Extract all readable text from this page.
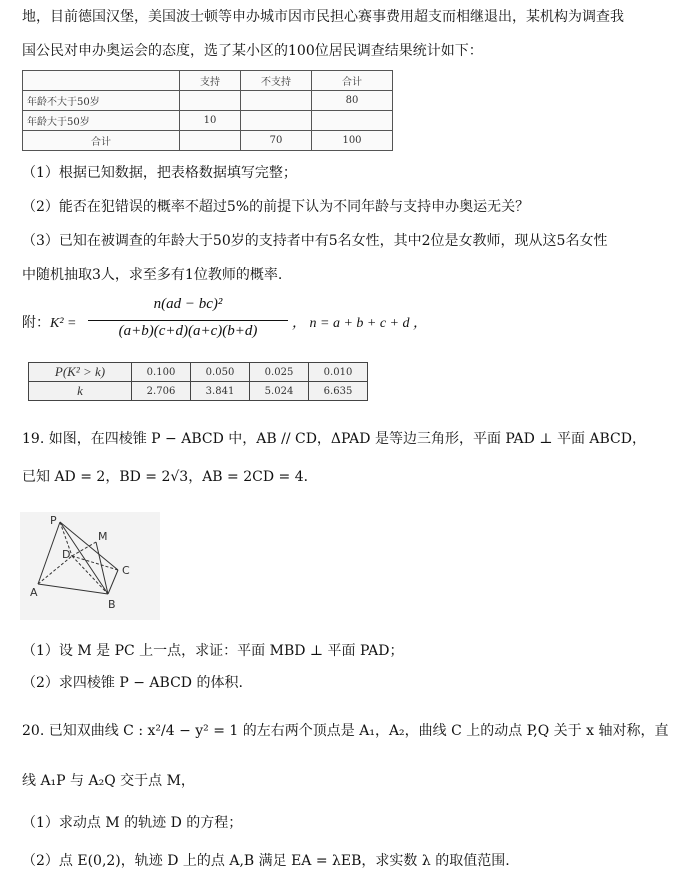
地，目前德国汉堡，美国波士顿等申办城市因市民担心赛事费用超支而相继退出，某机构为调查我
国公民对申办奥运会的态度，选了某小区的100位居民调查结果统计如下：
	支持	不支持	合计
年龄不大于50岁			80
年龄大于50岁	10		
合计		70	100
（1）根据已知数据，把表格数据填写完整；
（2）能否在犯错误的概率不超过5%的前提下认为不同年龄与支持申办奥运无关？
（3）已知在被调查的年龄大于50岁的支持者中有5名女性，其中2位是女教师，现从这5名女性
中随机抽取3人，求至多有1位教师的概率.
附：K² =
n(ad − bc)²
(a+b)(c+d)(a+c)(b+d)	， n = a + b + c + d ，
P(K² > k)	0.100	0.050	0.025	0.010
k	2.706	3.841	5.024	6.635
19. 如图，在四棱锥 P − ABCD 中，AB // CD，ΔPAD 是等边三角形，平面 PAD ⊥ 平面 ABCD，
已知 AD = 2，BD = 2√3，AB = 2CD = 4．
P
M
D
C
A
B
（1）设 M 是 PC 上一点，求证：平面 MBD ⊥ 平面 PAD；
（2）求四棱锥 P − ABCD 的体积.
20. 已知双曲线 C : x²/4 − y² = 1 的左右两个顶点是 A₁，A₂，曲线 C 上的动点 P,Q 关于 x 轴对称，直
线 A₁P 与 A₂Q 交于点 M，
（1）求动点 M 的轨迹 D 的方程；
（2）点 E(0,2)，轨迹 D 上的点 A,B 满足 EA = λEB，求实数 λ 的取值范围.
